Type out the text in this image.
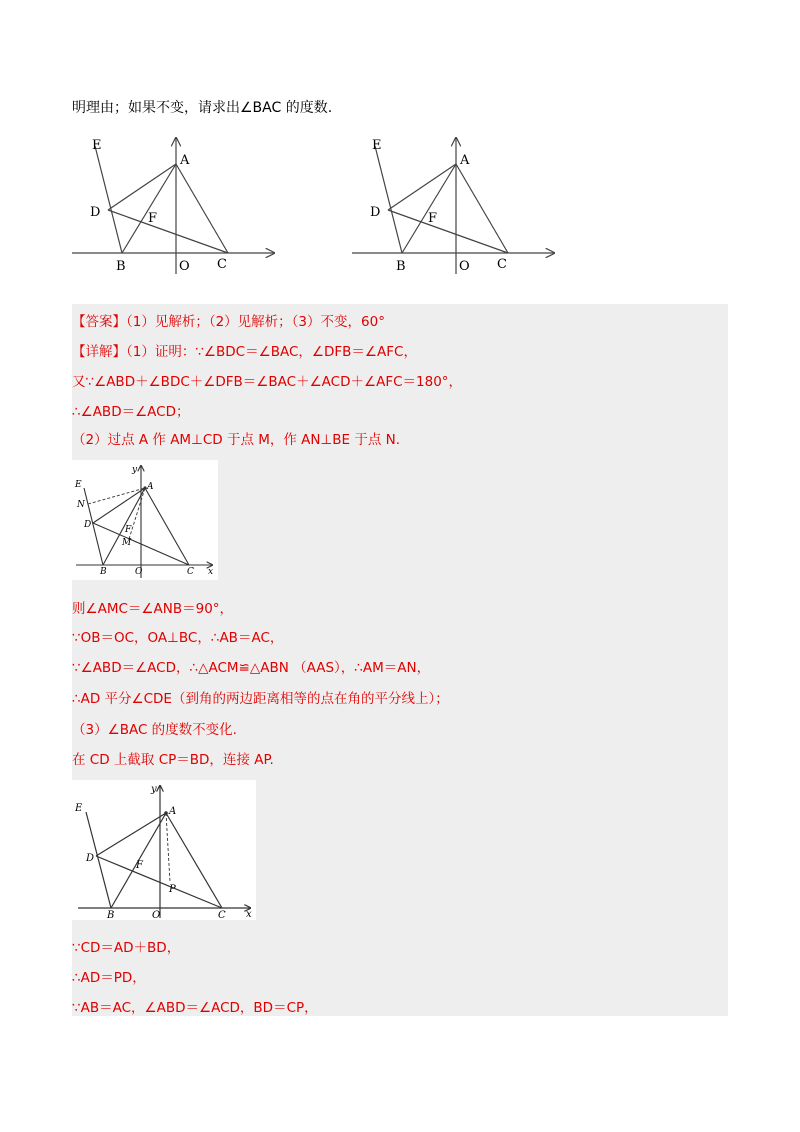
明理由；如果不变，请求出∠BAC 的度数.
E
A
D	F
B	O C
E
A
D	F
B	O C
【答案】（1）见解析；（2）见解析；（3）不变，60°
【详解】（1）证明：∵∠BDC＝∠BAC，∠DFB＝∠AFC，
又∵∠ABD＋∠BDC＋∠DFB＝∠BAC＋∠ACD＋∠AFC＝180°，
∴∠ABD＝∠ACD；
（2）过点 A 作 AM⊥CD 于点 M，作 AN⊥BE 于点 N.
y
E	A
N
D	F
M
B	O	C x
则∠AMC＝∠ANB＝90°，
∵OB＝OC，OA⊥BC，∴AB＝AC，
∵∠ABD＝∠ACD，∴△ACM≌△ABN （AAS），∴AM＝AN，
∴AD 平分∠CDE（到角的两边距离相等的点在角的平分线上）；
（3）∠BAC 的度数不变化.
在 CD 上截取 CP＝BD，连接 AP.
y
E	A
D
F
P
B	O	C x
∵CD＝AD＋BD，
∴AD＝PD，
∵AB＝AC，∠ABD＝∠ACD，BD＝CP，
